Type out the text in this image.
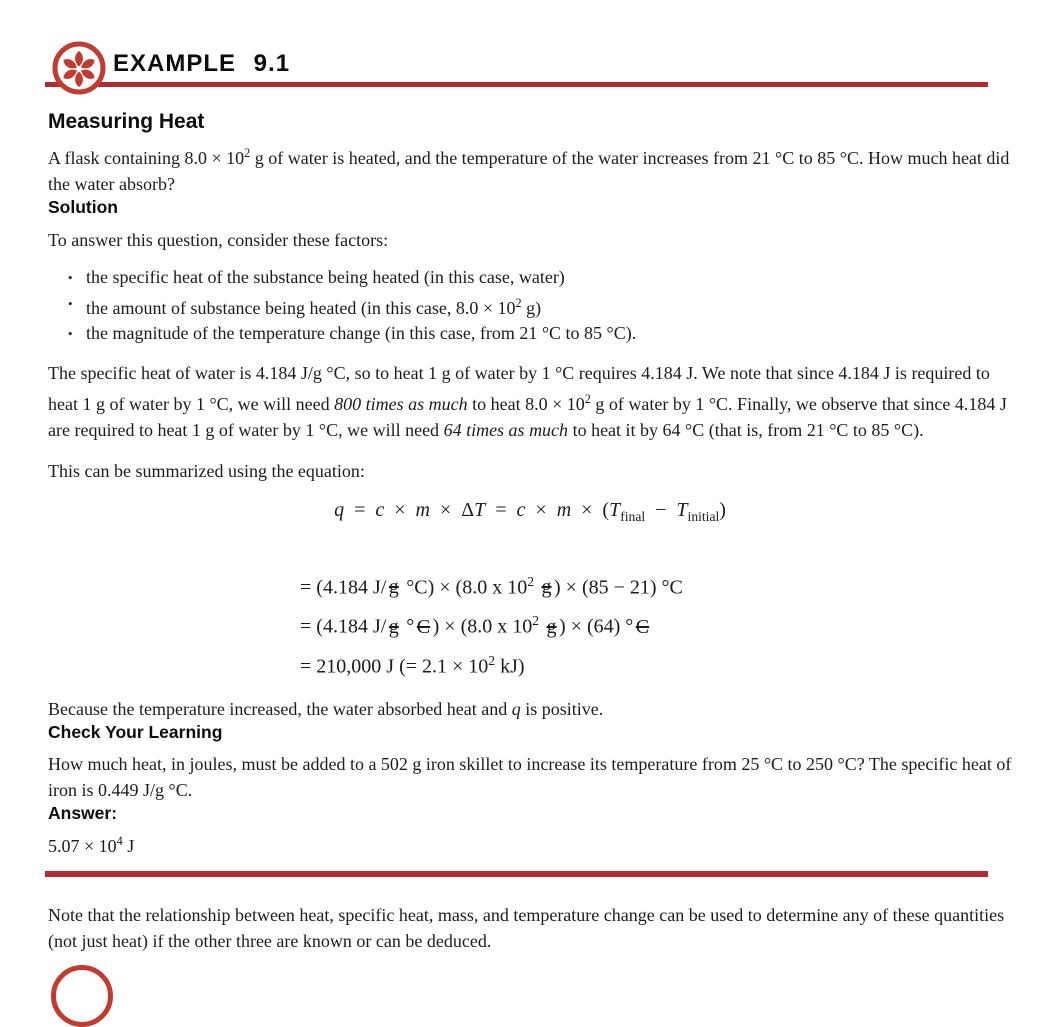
EXAMPLE 9.1
Measuring Heat

A flask containing $8.0 \times 10^2$ g of water is heated, and the temperature of the water increases from 21 °C to 85 °C. How much heat did the water absorb?

Solution

To answer this question, consider these factors:

• the specific heat of the substance being heated (in this case, water)
• the amount of substance being heated (in this case, $8.0 \times 10^2$ g)
• the magnitude of the temperature change (in this case, from 21 °C to 85 °C).

The specific heat of water is 4.184 J/g °C, so to heat 1 g of water by 1 °C requires 4.184 J. We note that since 4.184 J is required to heat 1 g of water by 1 °C, we will need 800 times as much to heat $8.0 \times 10^2$ g of water by 1 °C. Finally, we observe that since 4.184 J are required to heat 1 g of water by 1 °C, we will need 64 times as much to heat it by 64 °C (that is, from 21 °C to 85 °C).

This can be summarized using the equation:

$q = c \times m \times \Delta T = c \times m \times (T_{final} - T_{initial})$
= (4.184 J/ g °C) × (8.0 x $10^2$ g ) × (85 − 21) °C
= (4.184 J/ g ° C ) × (8.0 x $10^2$ g ) × (64) ° C
= 210,000 J (= $2.1 \times 10^2$ kJ)

Because the temperature increased, the water absorbed heat and q is positive.

Check Your Learning

How much heat, in joules, must be added to a 502 g iron skillet to increase its temperature from 25 °C to 250 °C? The specific heat of iron is 0.449 J/g °C.

Answer:

$5.07 \times 10^4$ J

Note that the relationship between heat, specific heat, mass, and temperature change can be used to determine any of these quantities (not just heat) if the other three are known or can be deduced.
